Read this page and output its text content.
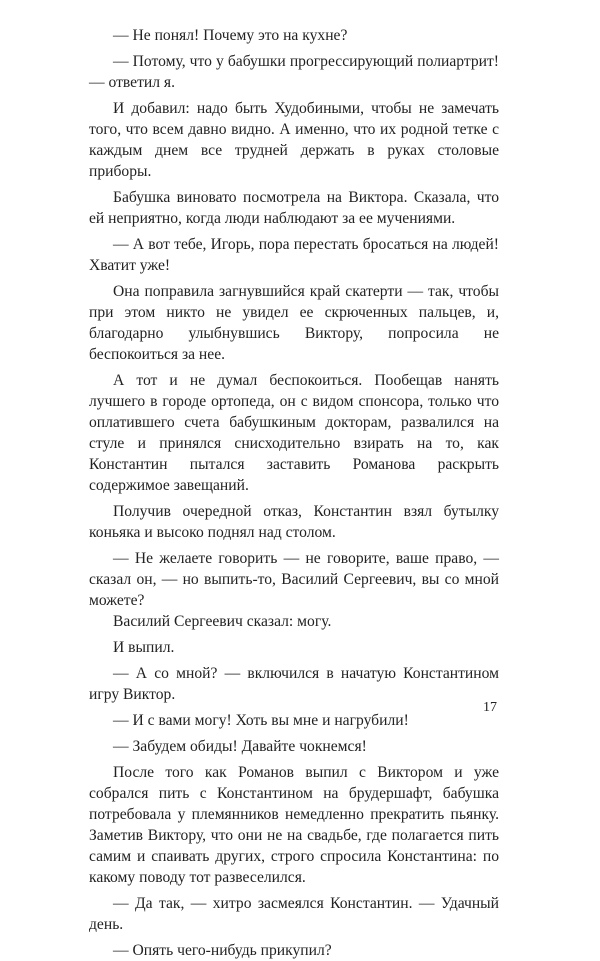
— Не понял! Почему это на кухне?

— Потому, что у бабушки прогрессирующий полиартрит! — ответил я.

И добавил: надо быть Худобиными, чтобы не замечать того, что всем давно видно. А именно, что их родной тетке с каждым днем все трудней держать в руках столовые приборы.

Бабушка виновато посмотрела на Виктора. Сказала, что ей неприятно, когда люди наблюдают за ее мучениями.

— А вот тебе, Игорь, пора перестать бросаться на людей! Хватит уже!

Она поправила загнувшийся край скатерти — так, чтобы при этом никто не увидел ее скрюченных пальцев, и, благодарно улыбнувшись Виктору, попросила не беспокоиться за нее.

А тот и не думал беспокоиться. Пообещав нанять лучшего в городе ортопеда, он с видом спонсора, только что оплатившего счета бабушкиным докторам, развалился на стуле и принялся снисходительно взирать на то, как Константин пытался заставить Романова раскрыть содержимое завещаний.

Получив очередной отказ, Константин взял бутылку коньяка и высоко поднял над столом.

— Не желаете говорить — не говорите, ваше право, — сказал он, — но выпить-то, Василий Сергеевич, вы со мной можете?

Василий Сергеевич сказал: могу.

И выпил.

— А со мной? — включился в начатую Константином игру Виктор.

— И с вами могу! Хоть вы мне и нагрубили!

— Забудем обиды! Давайте чокнемся!

После того как Романов выпил с Виктором и уже собрался пить с Константином на брудершафт, бабушка потребовала у племянников немедленно прекратить пьянку. Заметив Виктору, что они не на свадьбе, где полагается пить самим и спаивать других, строго спросила Константина: по какому поводу тот развеселился.

— Да так, — хитро засмеялся Константин. — Удачный день.

— Опять чего-нибудь прикупил?

17
